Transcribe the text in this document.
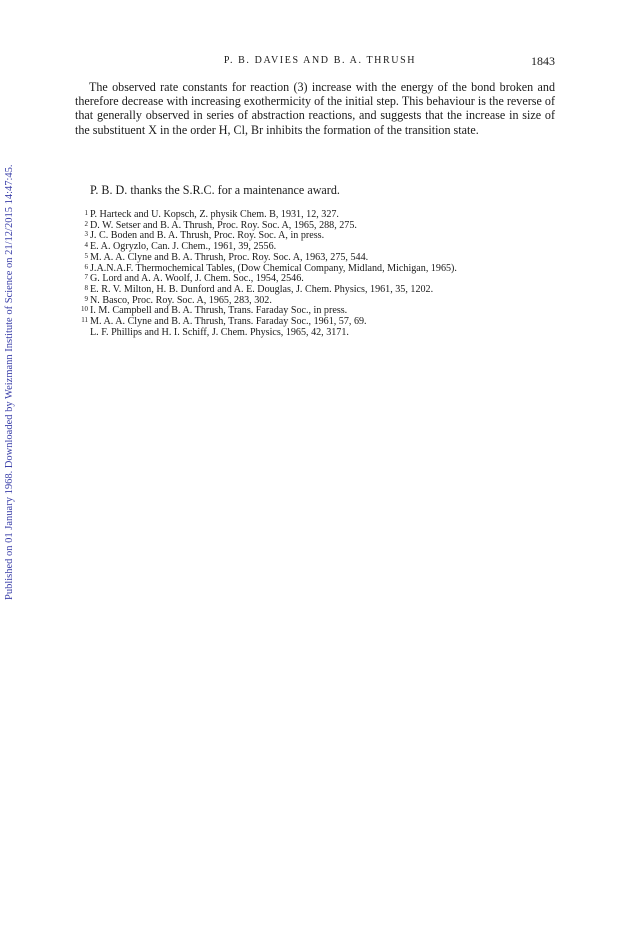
Published on 01 January 1968. Downloaded by Weizmann Institute of Science on 21/12/2015 14:47:45.
P. B. DAVIES AND B. A. THRUSH	1843

The observed rate constants for reaction (3) increase with the energy of the bond broken and therefore decrease with increasing exothermicity of the initial step. This behaviour is the reverse of that generally observed in series of abstraction reactions, and suggests that the increase in size of the substituent X in the order H, Cl, Br inhibits the formation of the transition state.

P. B. D. thanks the S.R.C. for a maintenance award.

1 P. Harteck and U. Kopsch, Z. physik Chem. B, 1931, 12, 327.
2 D. W. Setser and B. A. Thrush, Proc. Roy. Soc. A, 1965, 288, 275.
3 J. C. Boden and B. A. Thrush, Proc. Roy. Soc. A, in press.
4 E. A. Ogryzlo, Can. J. Chem., 1961, 39, 2556.
5 M. A. A. Clyne and B. A. Thrush, Proc. Roy. Soc. A, 1963, 275, 544.
6 J.A.N.A.F. Thermochemical Tables, (Dow Chemical Company, Midland, Michigan, 1965).
7 G. Lord and A. A. Woolf, J. Chem. Soc., 1954, 2546.
8 E. R. V. Milton, H. B. Dunford and A. E. Douglas, J. Chem. Physics, 1961, 35, 1202.
9 N. Basco, Proc. Roy. Soc. A, 1965, 283, 302.
10 I. M. Campbell and B. A. Thrush, Trans. Faraday Soc., in press.
11 M. A. A. Clyne and B. A. Thrush, Trans. Faraday Soc., 1961, 57, 69.
L. F. Phillips and H. I. Schiff, J. Chem. Physics, 1965, 42, 3171.
